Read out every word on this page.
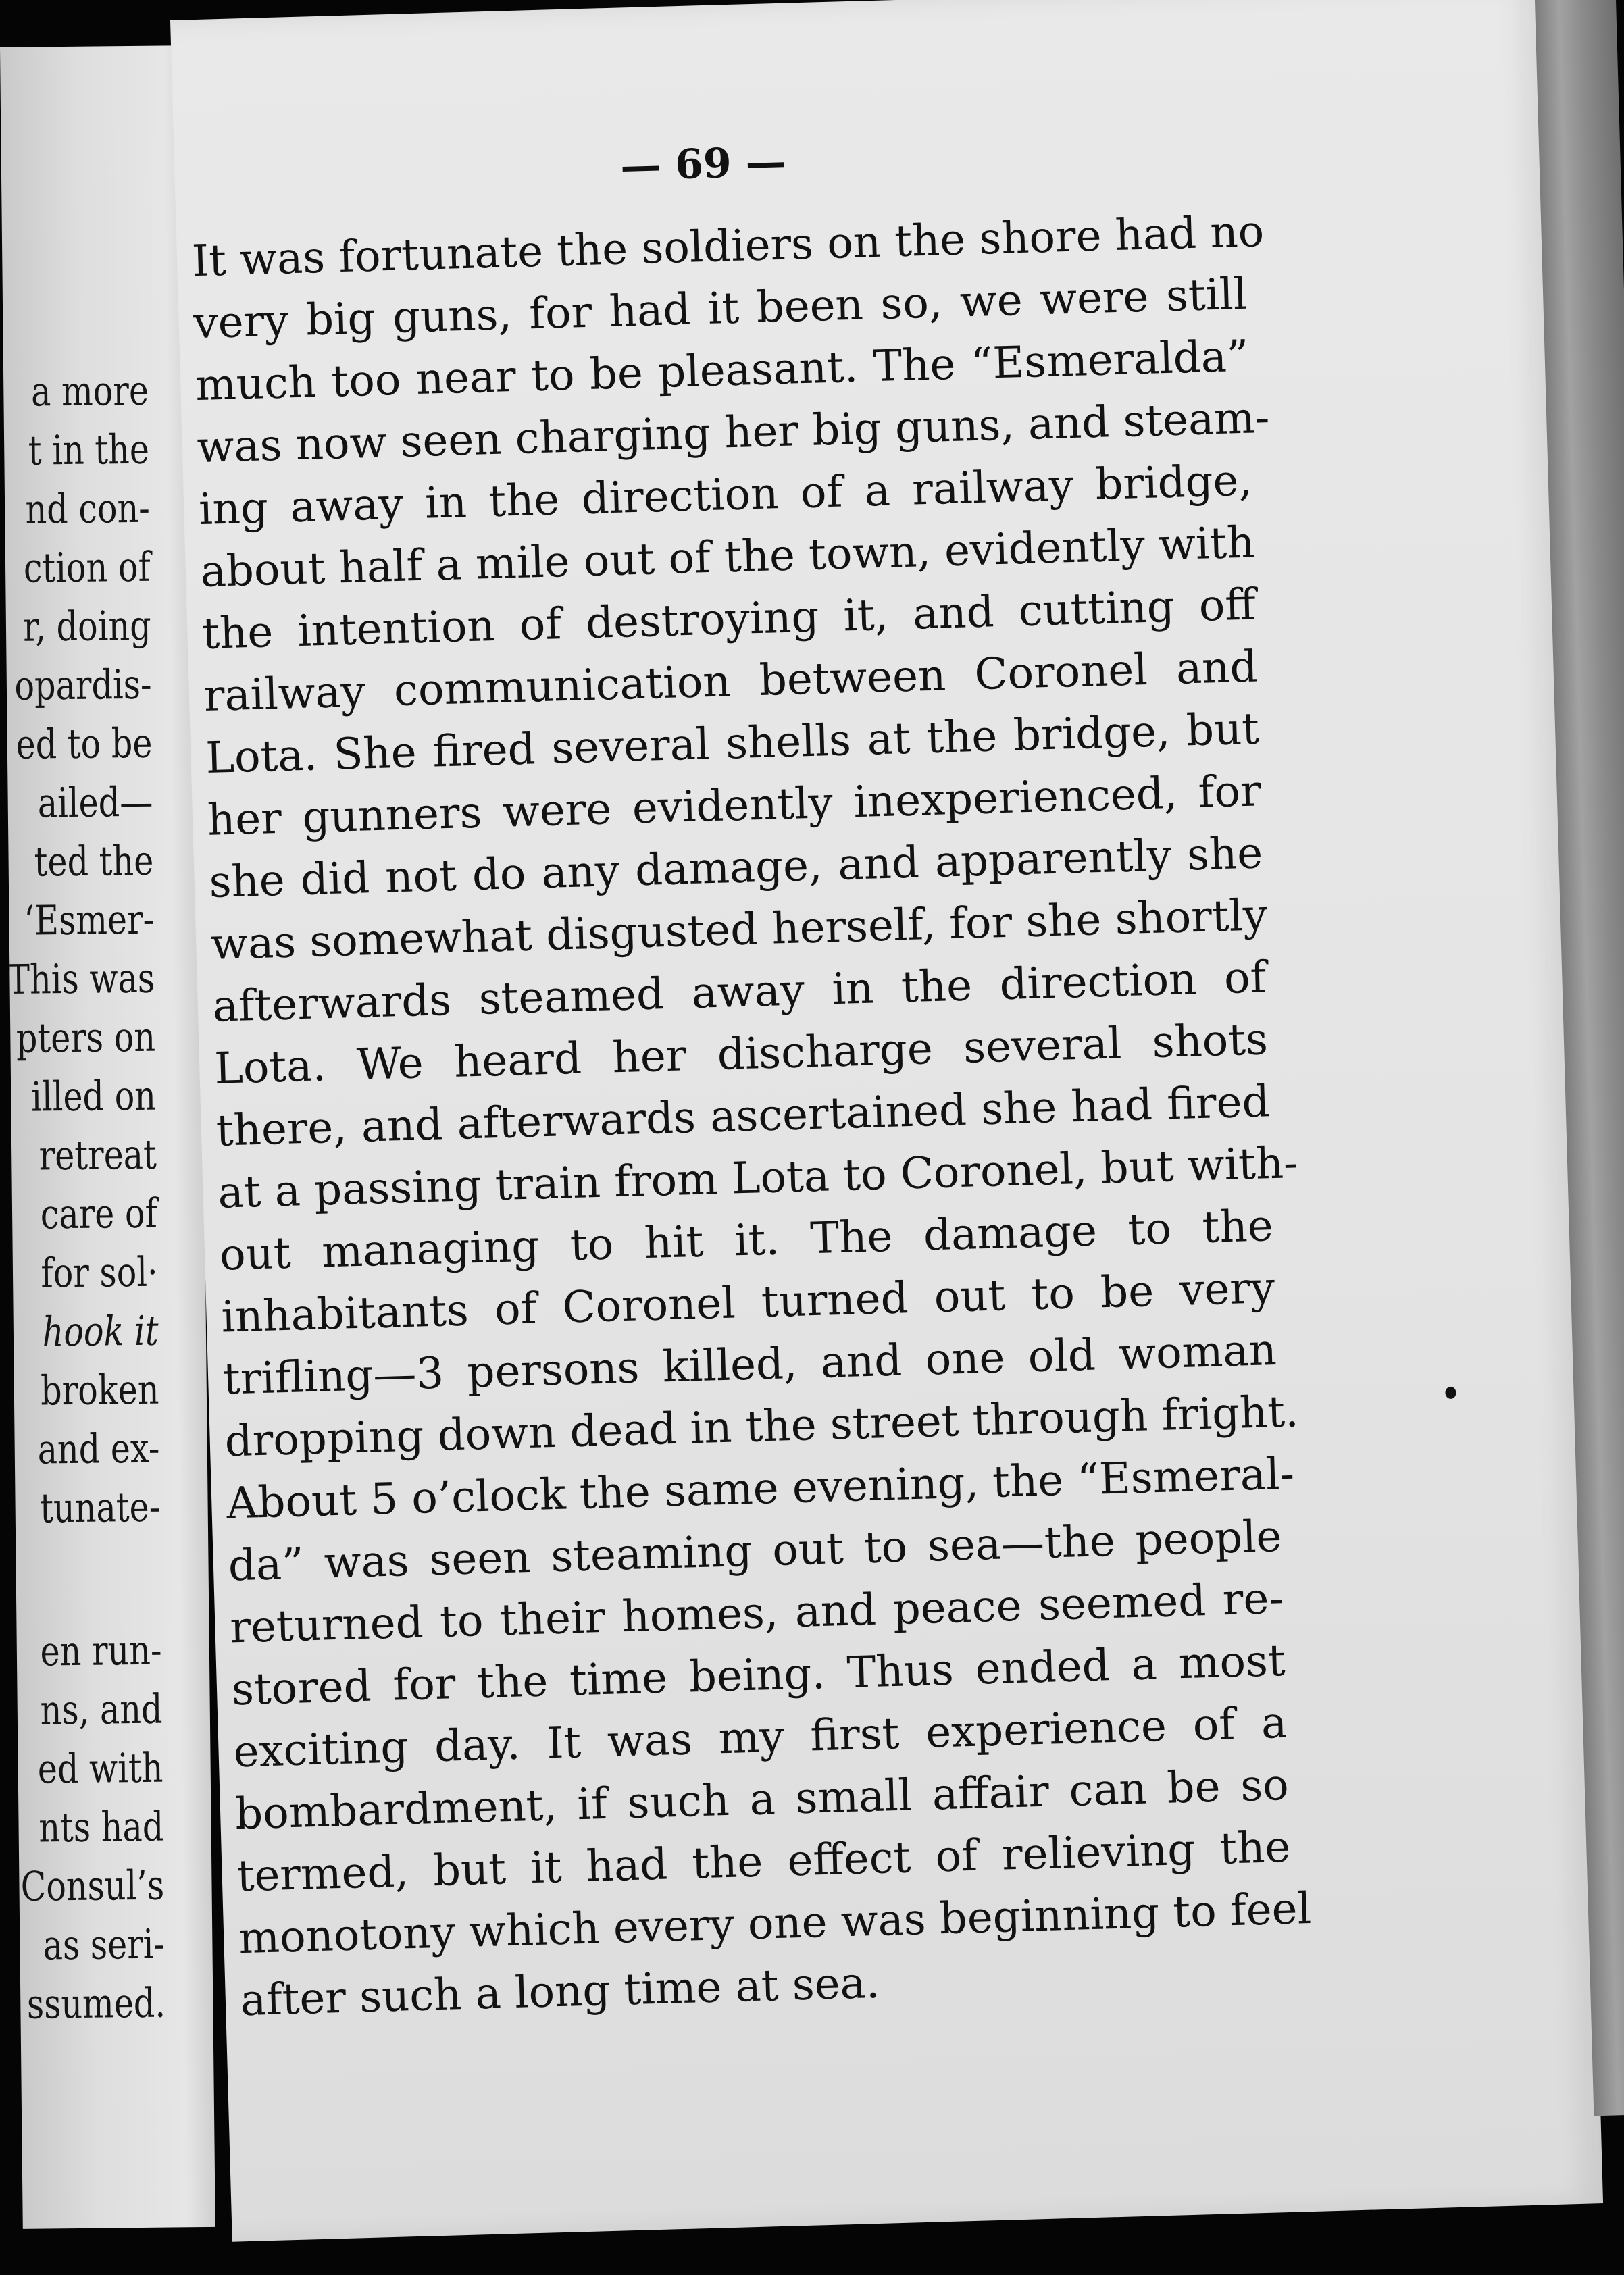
a more
t in the
nd con-
ction of
r, doing
opardis-
ed to be
ailed—
ted the
‘Esmer-
This was
pters on
illed on
retreat
care of
for sol·
hook it
broken
and ex-
tunate-
en run-
ns, and
ed with
nts had
Consul’s
as seri-
ssumed.
— 69 —

It was fortunate the soldiers on the shore had no
very big guns, for had it been so, we were still
much too near to be pleasant. The “Esmeralda”
was now seen charging her big guns, and steam-
ing away in the direction of a railway bridge,
about half a mile out of the town, evidently with
the intention of destroying it, and cutting off
railway communication between Coronel and
Lota. She fired several shells at the bridge, but
her gunners were evidently inexperienced, for
she did not do any damage, and apparently she
was somewhat disgusted herself, for she shortly
afterwards steamed away in the direction of
Lota. We heard her discharge several shots
there, and afterwards ascertained she had fired
at a passing train from Lota to Coronel, but with-
out managing to hit it. The damage to the
inhabitants of Coronel turned out to be very
trifling—3 persons killed, and one old woman
dropping down dead in the street through fright.
About 5 o’clock the same evening, the “Esmeral-
da” was seen steaming out to sea—the people
returned to their homes, and peace seemed re-
stored for the time being. Thus ended a most
exciting day. It was my first experience of a
bombardment, if such a small affair can be so
termed, but it had the effect of relieving the
monotony which every one was beginning to feel
after such a long time at sea.
